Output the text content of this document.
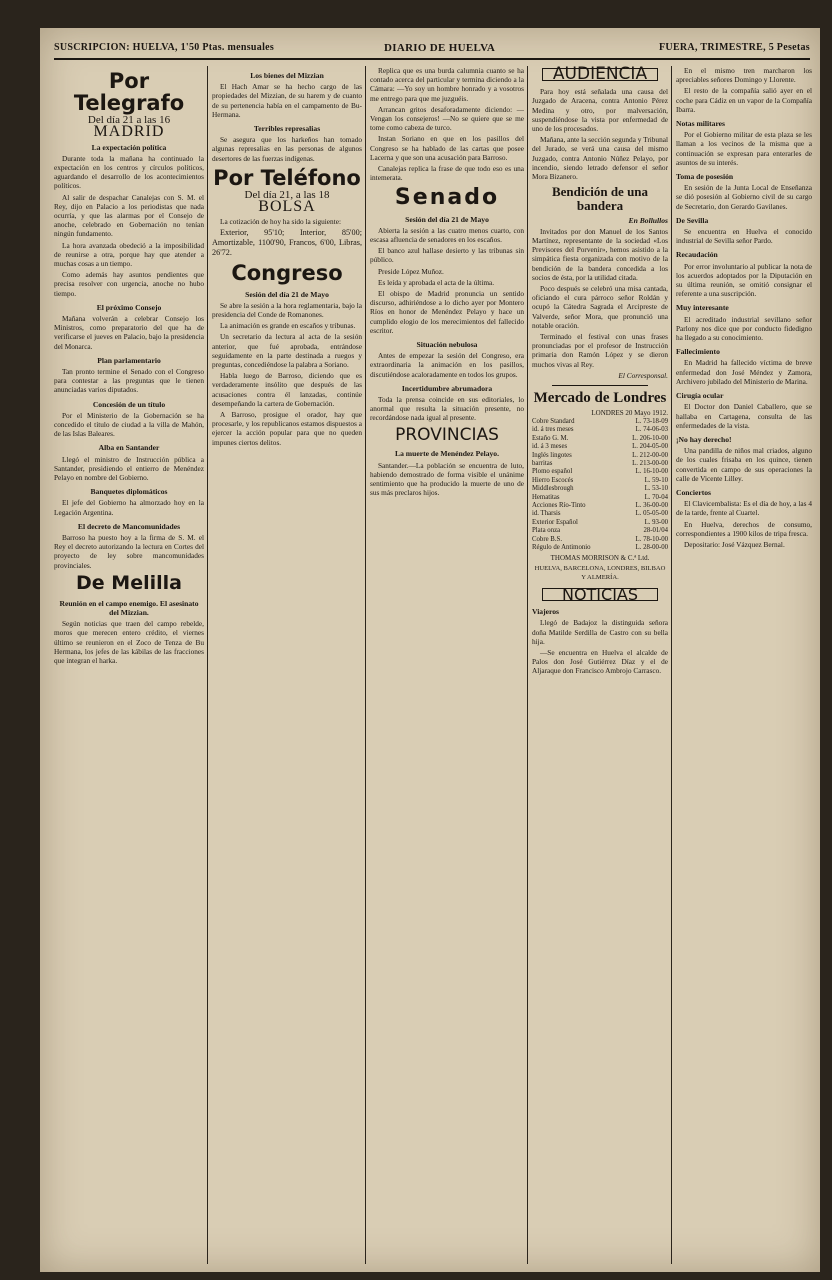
SUSCRIPCION: HUELVA, 1'50 Ptas. mensuales	DIARIO DE HUELVA	FUERA, TRIMESTRE, 5 Pesetas
Por Telegrafo
Del día 21 a las 16
MADRID
La expectación política

Durante toda la mañana ha continuado la expectación en los centros y círculos políticos, aguardando el desarrollo de los acontecimientos políticos.

Al salir de despachar Canalejas con S. M. el Rey, dijo en Palacio a los periodistas que nada ocurría, y que las alarmas por el Consejo de anoche, celebrado en Gobernación no tenían ningún fundamento.

La hora avanzada obedeció a la imposibilidad de reunirse a otra, porque hay que atender a muchas cosas a un tiempo.

Como además hay asuntos pendientes que precisa resolver con urgencia, anoche no hubo tiempo.

El próximo Consejo

Mañana volverán a celebrar Consejo los Ministros, como preparatorio del que ha de verificarse el jueves en Palacio, bajo la presidencia del Monarca.

Plan parlamentario

Tan pronto termine el Senado con el Congreso para contestar a las preguntas que le tienen anunciadas varios diputados.

Concesión de un título

Por el Ministerio de la Gobernación se ha concedido el título de ciudad a la villa de Mahón, de las Islas Baleares.

Alba en Santander

Llegó el ministro de Instrucción pública a Santander, presidiendo el entierro de Menéndez Pelayo en nombre del Gobierno.

Banquetes diplomáticos

El jefe del Gobierno ha almorzado hoy en la Legación Argentina.

El decreto de Mancomunidades

Barroso ha puesto hoy a la firma de S. M. el Rey el decreto autorizando la lectura en Cortes del proyecto de ley sobre mancomunidades provinciales.

De Melilla
Reunión en el campo enemigo. El asesinato del Mizzian.

Según noticias que traen del campo rebelde, moros que merecen entero crédito, el viernes último se reunieron en el Zoco de Tenza de Bu Hermana, los jefes de las kábilas de las fracciones que integran el harka.

Los bienes del Mizzian

El Hach Amar se ha hecho cargo de las propiedades del Mizzian, de su harem y de cuanto de su pertenencia había en el campamento de Bu-Hermana.

Terribles represalias

Se asegura que los harkeños han tomado algunas represalias en las personas de algunos desertores de las fuerzas indígenas.

Por Teléfono
Del día 21, a las 18
BOLSA

La cotización de hoy ha sido la siguiente:

Exterior, 95'10; Interior, 85'00; Amortizable, 1100'90, Francos, 6'00, Libras, 26'72.

Congreso
Sesión del día 21 de Mayo

Se abre la sesión a la hora reglamentaria, bajo la presidencia del Conde de Romanones.

La animación es grande en escaños y tribunas.

Un secretario da lectura al acta de la sesión anterior, que fué aprobada, entrándose seguidamente en la parte destinada a ruegos y preguntas, concediéndose la palabra a Soriano.

Habla luego de Barroso, diciendo que es verdaderamente insólito que después de las acusaciones contra él lanzadas, continúe desempeñando la cartera de Gobernación.

A Barroso, prosigue el orador, hay que procesarle, y los republicanos estamos dispuestos a ejercer la acción popular para que no queden impunes ciertos delitos.

Replica que es una burda calumnia cuanto se ha contado acerca del particular y termina diciendo a la Cámara: —Yo soy un hombre honrado y a vosotros me entrego para que me juzguéis.

Arrancan gritos desaforadamente diciendo: —Vengan los consejeros! —No se quiere que se me tome como cabeza de turco.

Instan Soriano en que en los pasillos del Congreso se ha hablado de las cartas que posee Lacerna y que son una acusación para Barroso.

Canalejas replica la frase de que todo eso es una intemerata.

Senado
Sesión del día 21 de Mayo

Abierta la sesión a las cuatro menos cuarto, con escasa afluencia de senadores en los escaños.

El banco azul hallase desierto y las tribunas sin público.

Preside López Muñoz.

Es leída y aprobada el acta de la última.

El obispo de Madrid pronuncia un sentido discurso, adhiriéndose a lo dicho ayer por Montero Ríos en honor de Menéndez Pelayo y hace un cumplido elogio de los merecimientos del fallecido escritor.

Situación nebulosa

Antes de empezar la sesión del Congreso, era extraordinaria la animación en los pasillos, discutiéndose acaloradamente en todos los grupos.

Incertidumbre abrumadora

Toda la prensa coincide en sus editoriales, lo anormal que resulta la situación presente, no recordándose nada igual al presente.

PROVINCIAS
La muerte de Menéndez Pelayo.

Santander.—La población se encuentra de luto, habiendo demostrado de forma visible el unánime sentimiento que ha producido la muerte de uno de sus más preclaros hijos.

AUDIENCIA

Para hoy está señalada una causa del Juzgado de Aracena, contra Antonio Pérez Medina y otro, por malversación, suspendiéndose la vista por enfermedad de uno de los procesados.

Mañana, ante la sección segunda y Tribunal del Jurado, se verá una causa del mismo Juzgado, contra Antonio Núñez Pelayo, por incendio, siendo letrado defensor el señor Mora Bizanero.

Bendición de una bandera
En Bollullos

Invitados por don Manuel de los Santos Martínez, representante de la sociedad «Los Previsores del Porvenir», hemos asistido a la simpática fiesta organizada con motivo de la bendición de la bandera concedida a los socios de ésta, por la utilidad citada.

Poco después se celebró una misa cantada, oficiando el cura párroco señor Roldán y ocupó la Cátedra Sagrada el Arcipreste de Valverde, señor Mora, que pronunció una notable oración.

Terminado el festival con unas frases pronunciadas por el profesor de Instrucción primaria don Ramón López y se dieron muchos vivas al Rey.

El Corresponsal.
Mercado de Londres
LONDRES 20 Mayo 1912.
Cobre Standard	L. 73-18-09
id. á tres meses	L. 74-06-03
Estaño G. M.	L. 206-10-00
id. á 3 meses	L. 204-05-00
Inglés lingotes	L. 212-00-00
barritas	L. 213-00-00
Plomo español	L. 16-10-00
Hierro Escocés	L. 59-10
Middlesbrough	L. 53-10
Hematitas	L. 70-04
Acciones Río-Tinto	L. 36-00-00
id. Tharsis	L. 05-05-00
Exterior Español	L. 93-00
Plata onza	28-01/04
Cobre B.S.	L. 78-10-00
Régulo de Antimonio	L. 28-00-00
THOMAS MORRISON & C.ª Ltd.
HUELVA, BARCELONA, LONDRES, BILBAO Y ALMERÍA.
NOTICIAS
Viajeros

Llegó de Badajoz la distinguida señora doña Matilde Serdilla de Castro con su bella hija.

—Se encuentra en Huelva el alcalde de Palos don José Gutiérrez Díaz y el de Aljaraque don Francisco Ambrojo Carrasco.

En el mismo tren marcharon los apreciables señores Domingo y Llorente.

El resto de la compañía salió ayer en el coche para Cádiz en un vapor de la Compañía Ibarra.

Notas militares

Por el Gobierno militar de esta plaza se les llaman a los vecinos de la misma que a continuación se expresan para enterarles de asuntos de su interés.

Toma de posesión

En sesión de la Junta Local de Enseñanza se dió posesión al Gobierno civil de su cargo de Secretario, don Gerardo Gavilanes.

De Sevilla

Se encuentra en Huelva el conocido industrial de Sevilla señor Pardo.

Recaudación

Por error involuntario al publicar la nota de los acuerdos adoptados por la Diputación en su última reunión, se omitió consignar el referente a una suscripción.

Muy interesante

El acreditado industrial sevillano señor Parlony nos dice que por conducto fidedigno ha llegado a su conocimiento.

Fallecimiento

En Madrid ha fallecido víctima de breve enfermedad don José Méndez y Zamora, Archivero jubilado del Ministerio de Marina.

Cirugía ocular

El Doctor don Daniel Caballero, que se hallaba en Cartagena, consulta de las enfermedades de la vista.

¡No hay derecho!

Una pandilla de niños mal criados, alguno de los cuales frisaba en los quince, tienen convertida en campo de sus operaciones la calle de Vicente Lilley.

Conciertos

El Clavicembalista: Es el día de hoy, a las 4 de la tarde, frente al Cuartel.

En Huelva, derechos de consumo, correspondientes a 1900 kilos de tripa fresca.

Depositario: José Vázquez Bernal.
